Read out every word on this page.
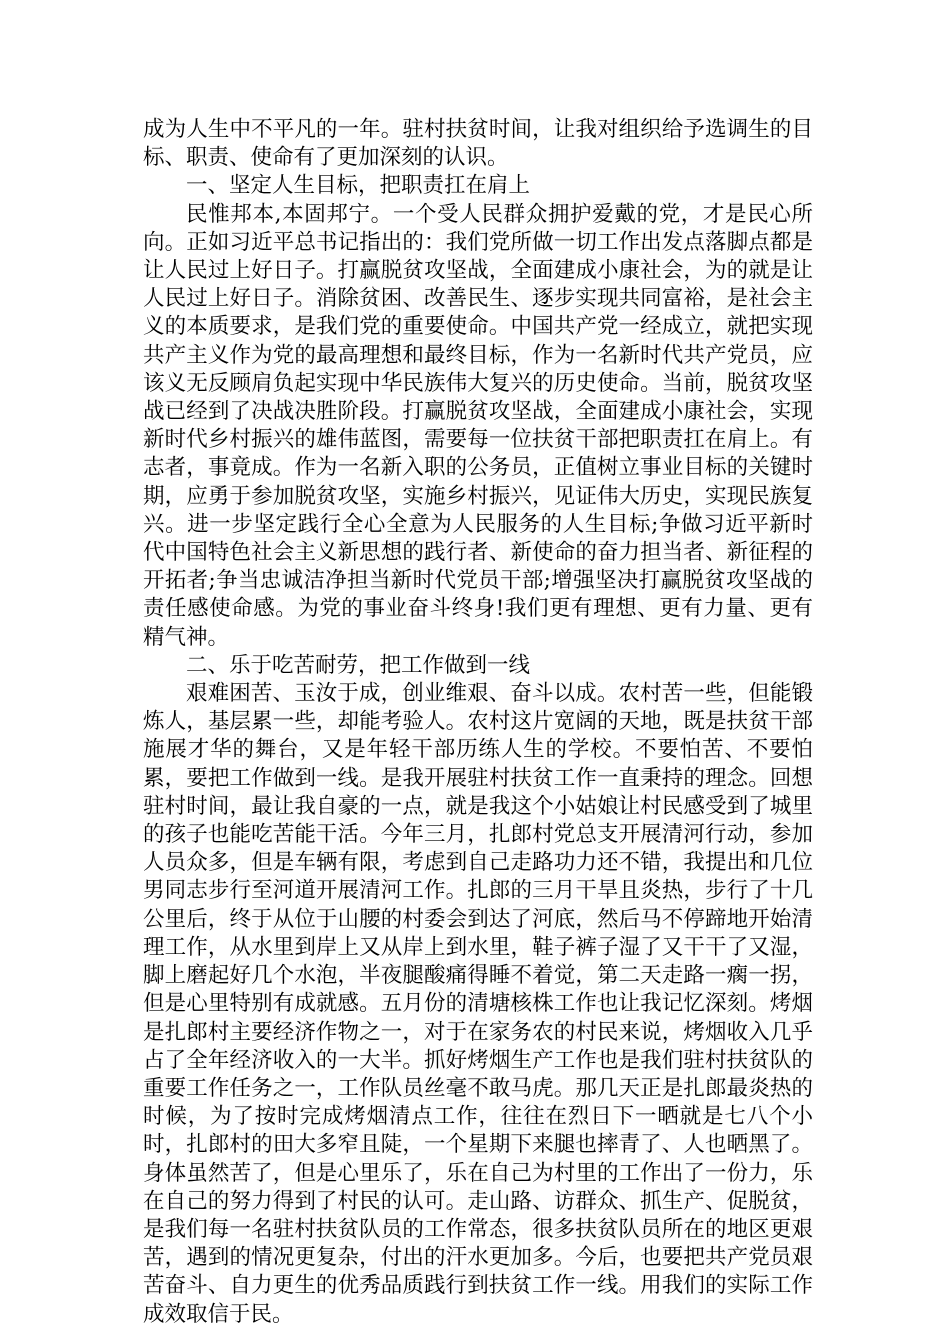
成为人生中不平凡的一年。驻村扶贫时间，让我对组织给予选调生的目标、职责、使命有了更加深刻的认识。

一、坚定人生目标，把职责扛在肩上

民惟邦本,本固邦宁。一个受人民群众拥护爱戴的党，才是民心所向。正如习近平总书记指出的：我们党所做一切工作出发点落脚点都是让人民过上好日子。打赢脱贫攻坚战，全面建成小康社会，为的就是让人民过上好日子。消除贫困、改善民生、逐步实现共同富裕，是社会主义的本质要求，是我们党的重要使命。中国共产党一经成立，就把实现共产主义作为党的最高理想和最终目标，作为一名新时代共产党员，应该义无反顾肩负起实现中华民族伟大复兴的历史使命。当前，脱贫攻坚战已经到了决战决胜阶段。打赢脱贫攻坚战，全面建成小康社会，实现新时代乡村振兴的雄伟蓝图，需要每一位扶贫干部把职责扛在肩上。有志者，事竟成。作为一名新入职的公务员，正值树立事业目标的关键时期，应勇于参加脱贫攻坚，实施乡村振兴，见证伟大历史，实现民族复兴。进一步坚定践行全心全意为人民服务的人生目标;争做习近平新时代中国特色社会主义新思想的践行者、新使命的奋力担当者、新征程的开拓者;争当忠诚洁净担当新时代党员干部;增强坚决打赢脱贫攻坚战的责任感使命感。为党的事业奋斗终身!我们更有理想、更有力量、更有精气神。

二、乐于吃苦耐劳，把工作做到一线

艰难困苦、玉汝于成，创业维艰、奋斗以成。农村苦一些，但能锻炼人，基层累一些，却能考验人。农村这片宽阔的天地，既是扶贫干部施展才华的舞台，又是年轻干部历练人生的学校。不要怕苦、不要怕累，要把工作做到一线。是我开展驻村扶贫工作一直秉持的理念。回想驻村时间，最让我自豪的一点，就是我这个小姑娘让村民感受到了城里的孩子也能吃苦能干活。今年三月，扎郎村党总支开展清河行动，参加人员众多，但是车辆有限，考虑到自己走路功力还不错，我提出和几位男同志步行至河道开展清河工作。扎郎的三月干旱且炎热，步行了十几公里后，终于从位于山腰的村委会到达了河底，然后马不停蹄地开始清理工作，从水里到岸上又从岸上到水里，鞋子裤子湿了又干干了又湿，脚上磨起好几个水泡，半夜腿酸痛得睡不着觉，第二天走路一瘸一拐，但是心里特别有成就感。五月份的清塘核株工作也让我记忆深刻。烤烟是扎郎村主要经济作物之一，对于在家务农的村民来说，烤烟收入几乎占了全年经济收入的一大半。抓好烤烟生产工作也是我们驻村扶贫队的重要工作任务之一，工作队员丝毫不敢马虎。那几天正是扎郎最炎热的时候，为了按时完成烤烟清点工作，往往在烈日下一晒就是七八个小时，扎郎村的田大多窄且陡，一个星期下来腿也摔青了、人也晒黑了。身体虽然苦了，但是心里乐了，乐在自己为村里的工作出了一份力，乐在自己的努力得到了村民的认可。走山路、访群众、抓生产、促脱贫，是我们每一名驻村扶贫队员的工作常态，很多扶贫队员所在的地区更艰苦，遇到的情况更复杂，付出的汗水更加多。今后，也要把共产党员艰苦奋斗、自力更生的优秀品质践行到扶贫工作一线。用我们的实际工作成效取信于民。
